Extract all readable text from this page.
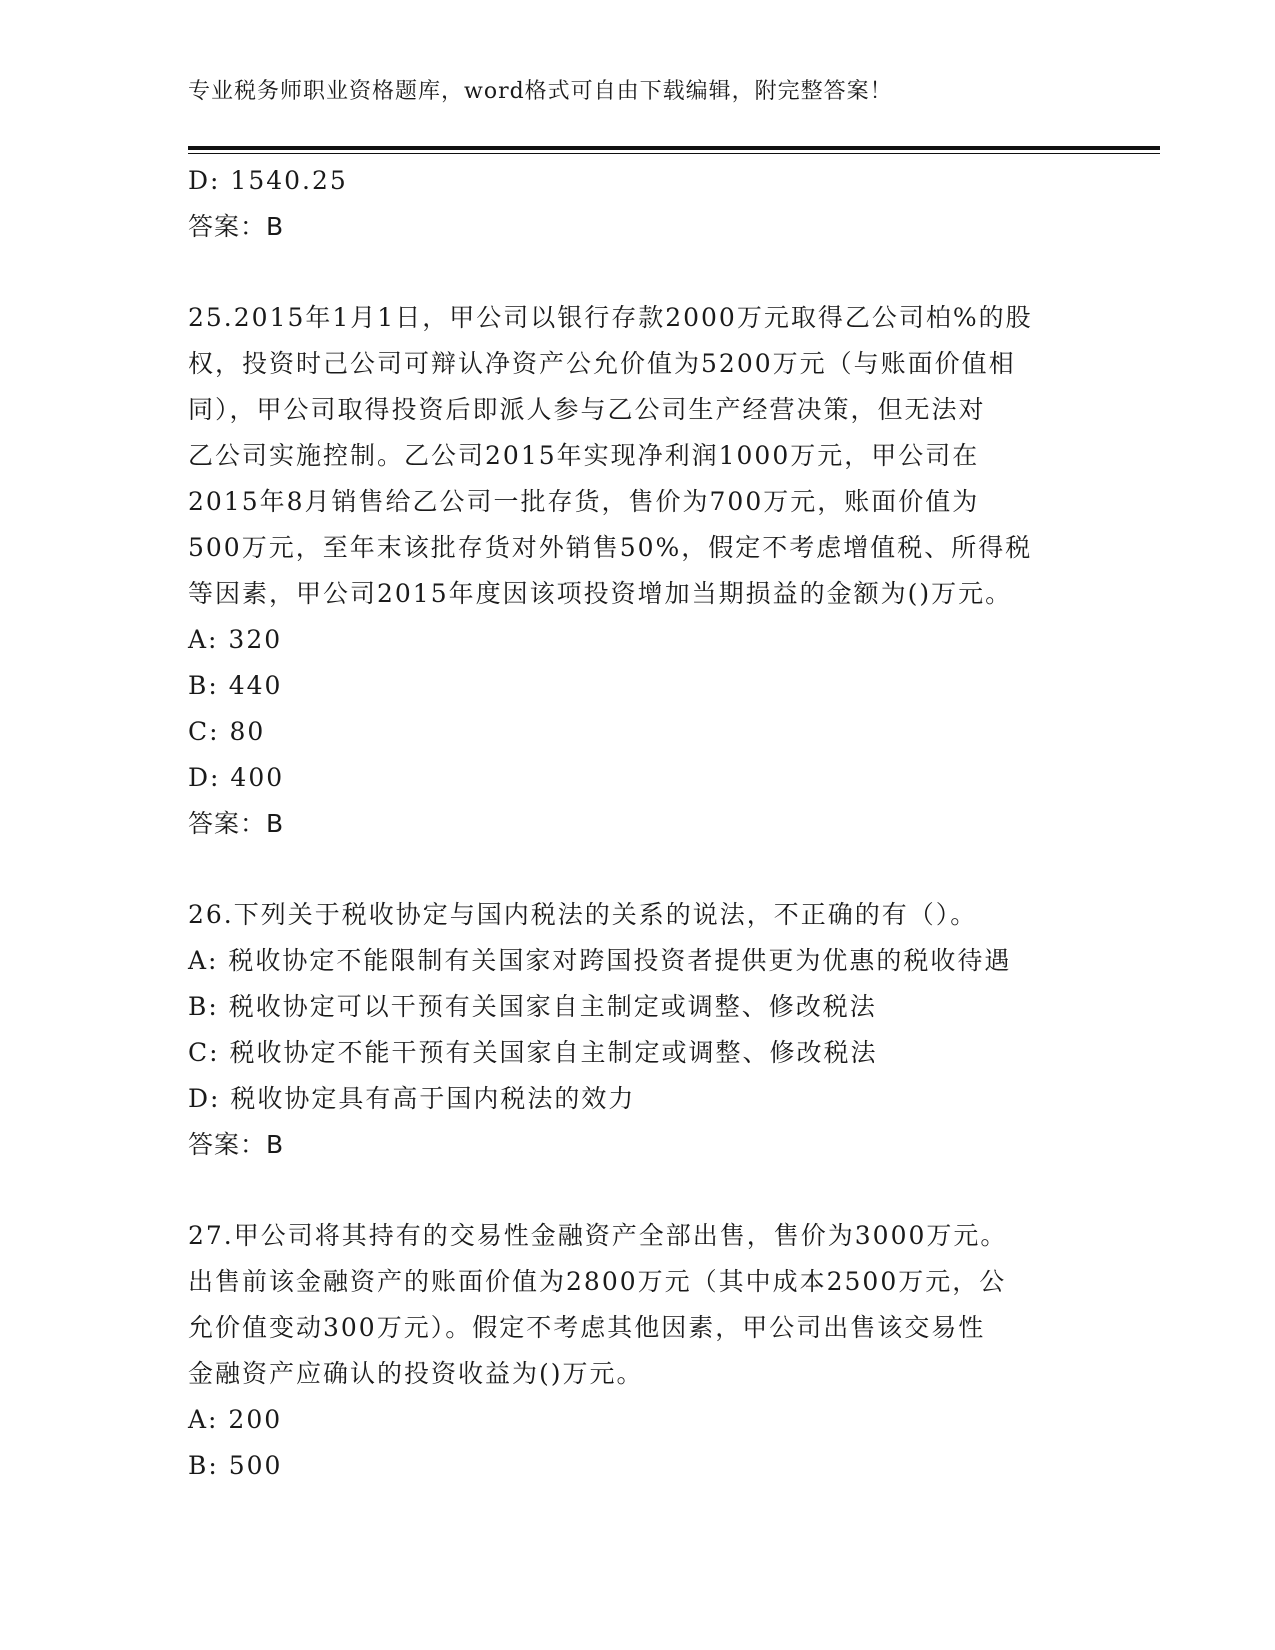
专业税务师职业资格题库，word格式可自由下载编辑，附完整答案！
D: 1540.25
答案：B
25.2015年1月1日，甲公司以银行存款2000万元取得乙公司柏%的股
权，投资时己公司可辩认净资产公允价值为5200万元（与账面价值相
同），甲公司取得投资后即派人参与乙公司生产经营决策，但无法对
乙公司实施控制。乙公司2015年实现净利润1000万元，甲公司在
2015年8月销售给乙公司一批存货，售价为700万元，账面价值为
500万元，至年末该批存货对外销售50%，假定不考虑增值税、所得税
等因素，甲公司2015年度因该项投资增加当期损益的金额为()万元。
A: 320
B: 440
C: 80
D: 400
答案：B
26.下列关于税收协定与国内税法的关系的说法，不正确的有（）。
A: 税收协定不能限制有关国家对跨国投资者提供更为优惠的税收待遇
B: 税收协定可以干预有关国家自主制定或调整、修改税法
C: 税收协定不能干预有关国家自主制定或调整、修改税法
D: 税收协定具有高于国内税法的效力
答案：B
27.甲公司将其持有的交易性金融资产全部出售，售价为3000万元。
出售前该金融资产的账面价值为2800万元（其中成本2500万元，公
允价值变动300万元）。假定不考虑其他因素，甲公司出售该交易性
金融资产应确认的投资收益为()万元。
A: 200
B: 500
